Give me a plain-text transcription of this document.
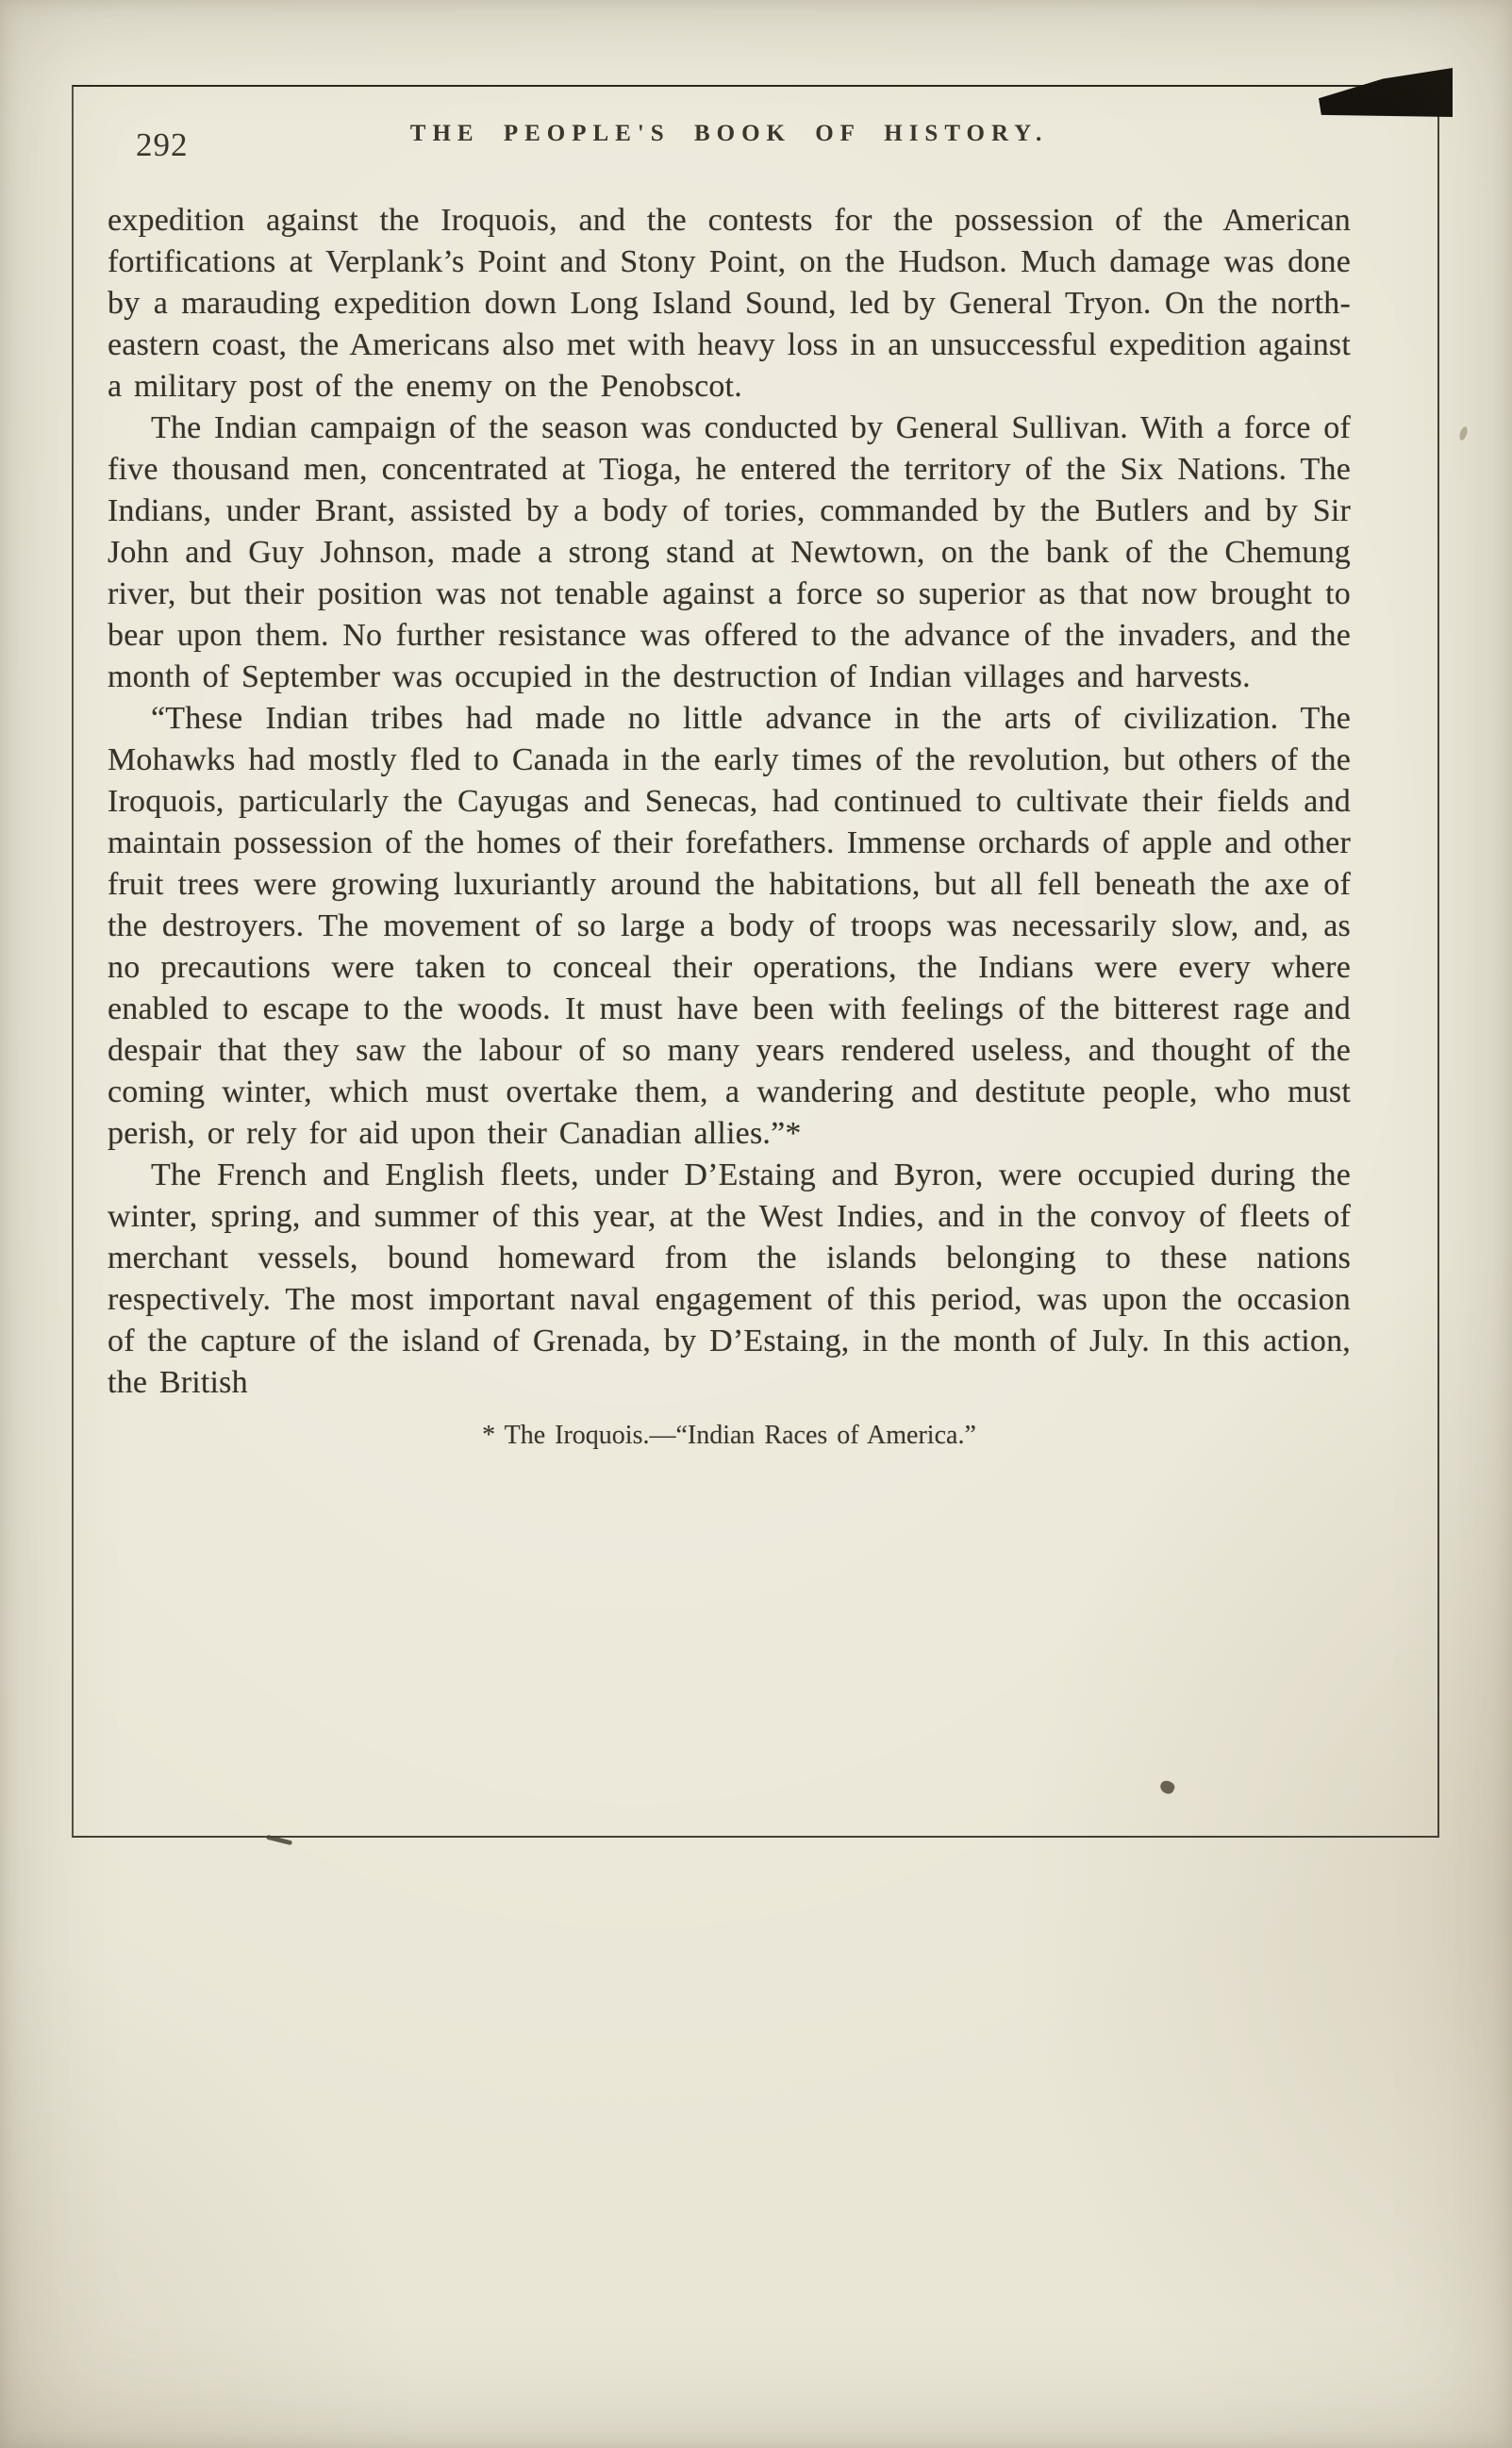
292	THE PEOPLE'S BOOK OF HISTORY.

expedition against the Iroquois, and the contests for the possession of the American fortifications at Verplank’s Point and Stony Point, on the Hudson. Much damage was done by a marauding expedition down Long Island Sound, led by General Tryon. On the north-eastern coast, the Americans also met with heavy loss in an unsuccessful expedition against a military post of the enemy on the Penobscot.

The Indian campaign of the season was conducted by General Sullivan. With a force of five thousand men, concentrated at Tioga, he entered the territory of the Six Nations. The Indians, under Brant, assisted by a body of tories, commanded by the Butlers and by Sir John and Guy Johnson, made a strong stand at Newtown, on the bank of the Chemung river, but their position was not tenable against a force so superior as that now brought to bear upon them. No further resistance was offered to the advance of the invaders, and the month of September was occupied in the destruction of Indian villages and harvests.

“These Indian tribes had made no little advance in the arts of civilization. The Mohawks had mostly fled to Canada in the early times of the revolution, but others of the Iroquois, particularly the Cayugas and Senecas, had continued to cultivate their fields and maintain possession of the homes of their forefathers. Immense orchards of apple and other fruit trees were growing luxuriantly around the habitations, but all fell beneath the axe of the destroyers. The movement of so large a body of troops was necessarily slow, and, as no precautions were taken to conceal their operations, the Indians were every where enabled to escape to the woods. It must have been with feelings of the bitterest rage and despair that they saw the labour of so many years rendered useless, and thought of the coming winter, which must overtake them, a wandering and destitute people, who must perish, or rely for aid upon their Canadian allies.”*

The French and English fleets, under D’Estaing and Byron, were occupied during the winter, spring, and summer of this year, at the West Indies, and in the convoy of fleets of merchant vessels, bound homeward from the islands belonging to these nations respectively. The most important naval engagement of this period, was upon the occasion of the capture of the island of Grenada, by D’Estaing, in the month of July. In this action, the British

* The Iroquois.—“Indian Races of America.”
